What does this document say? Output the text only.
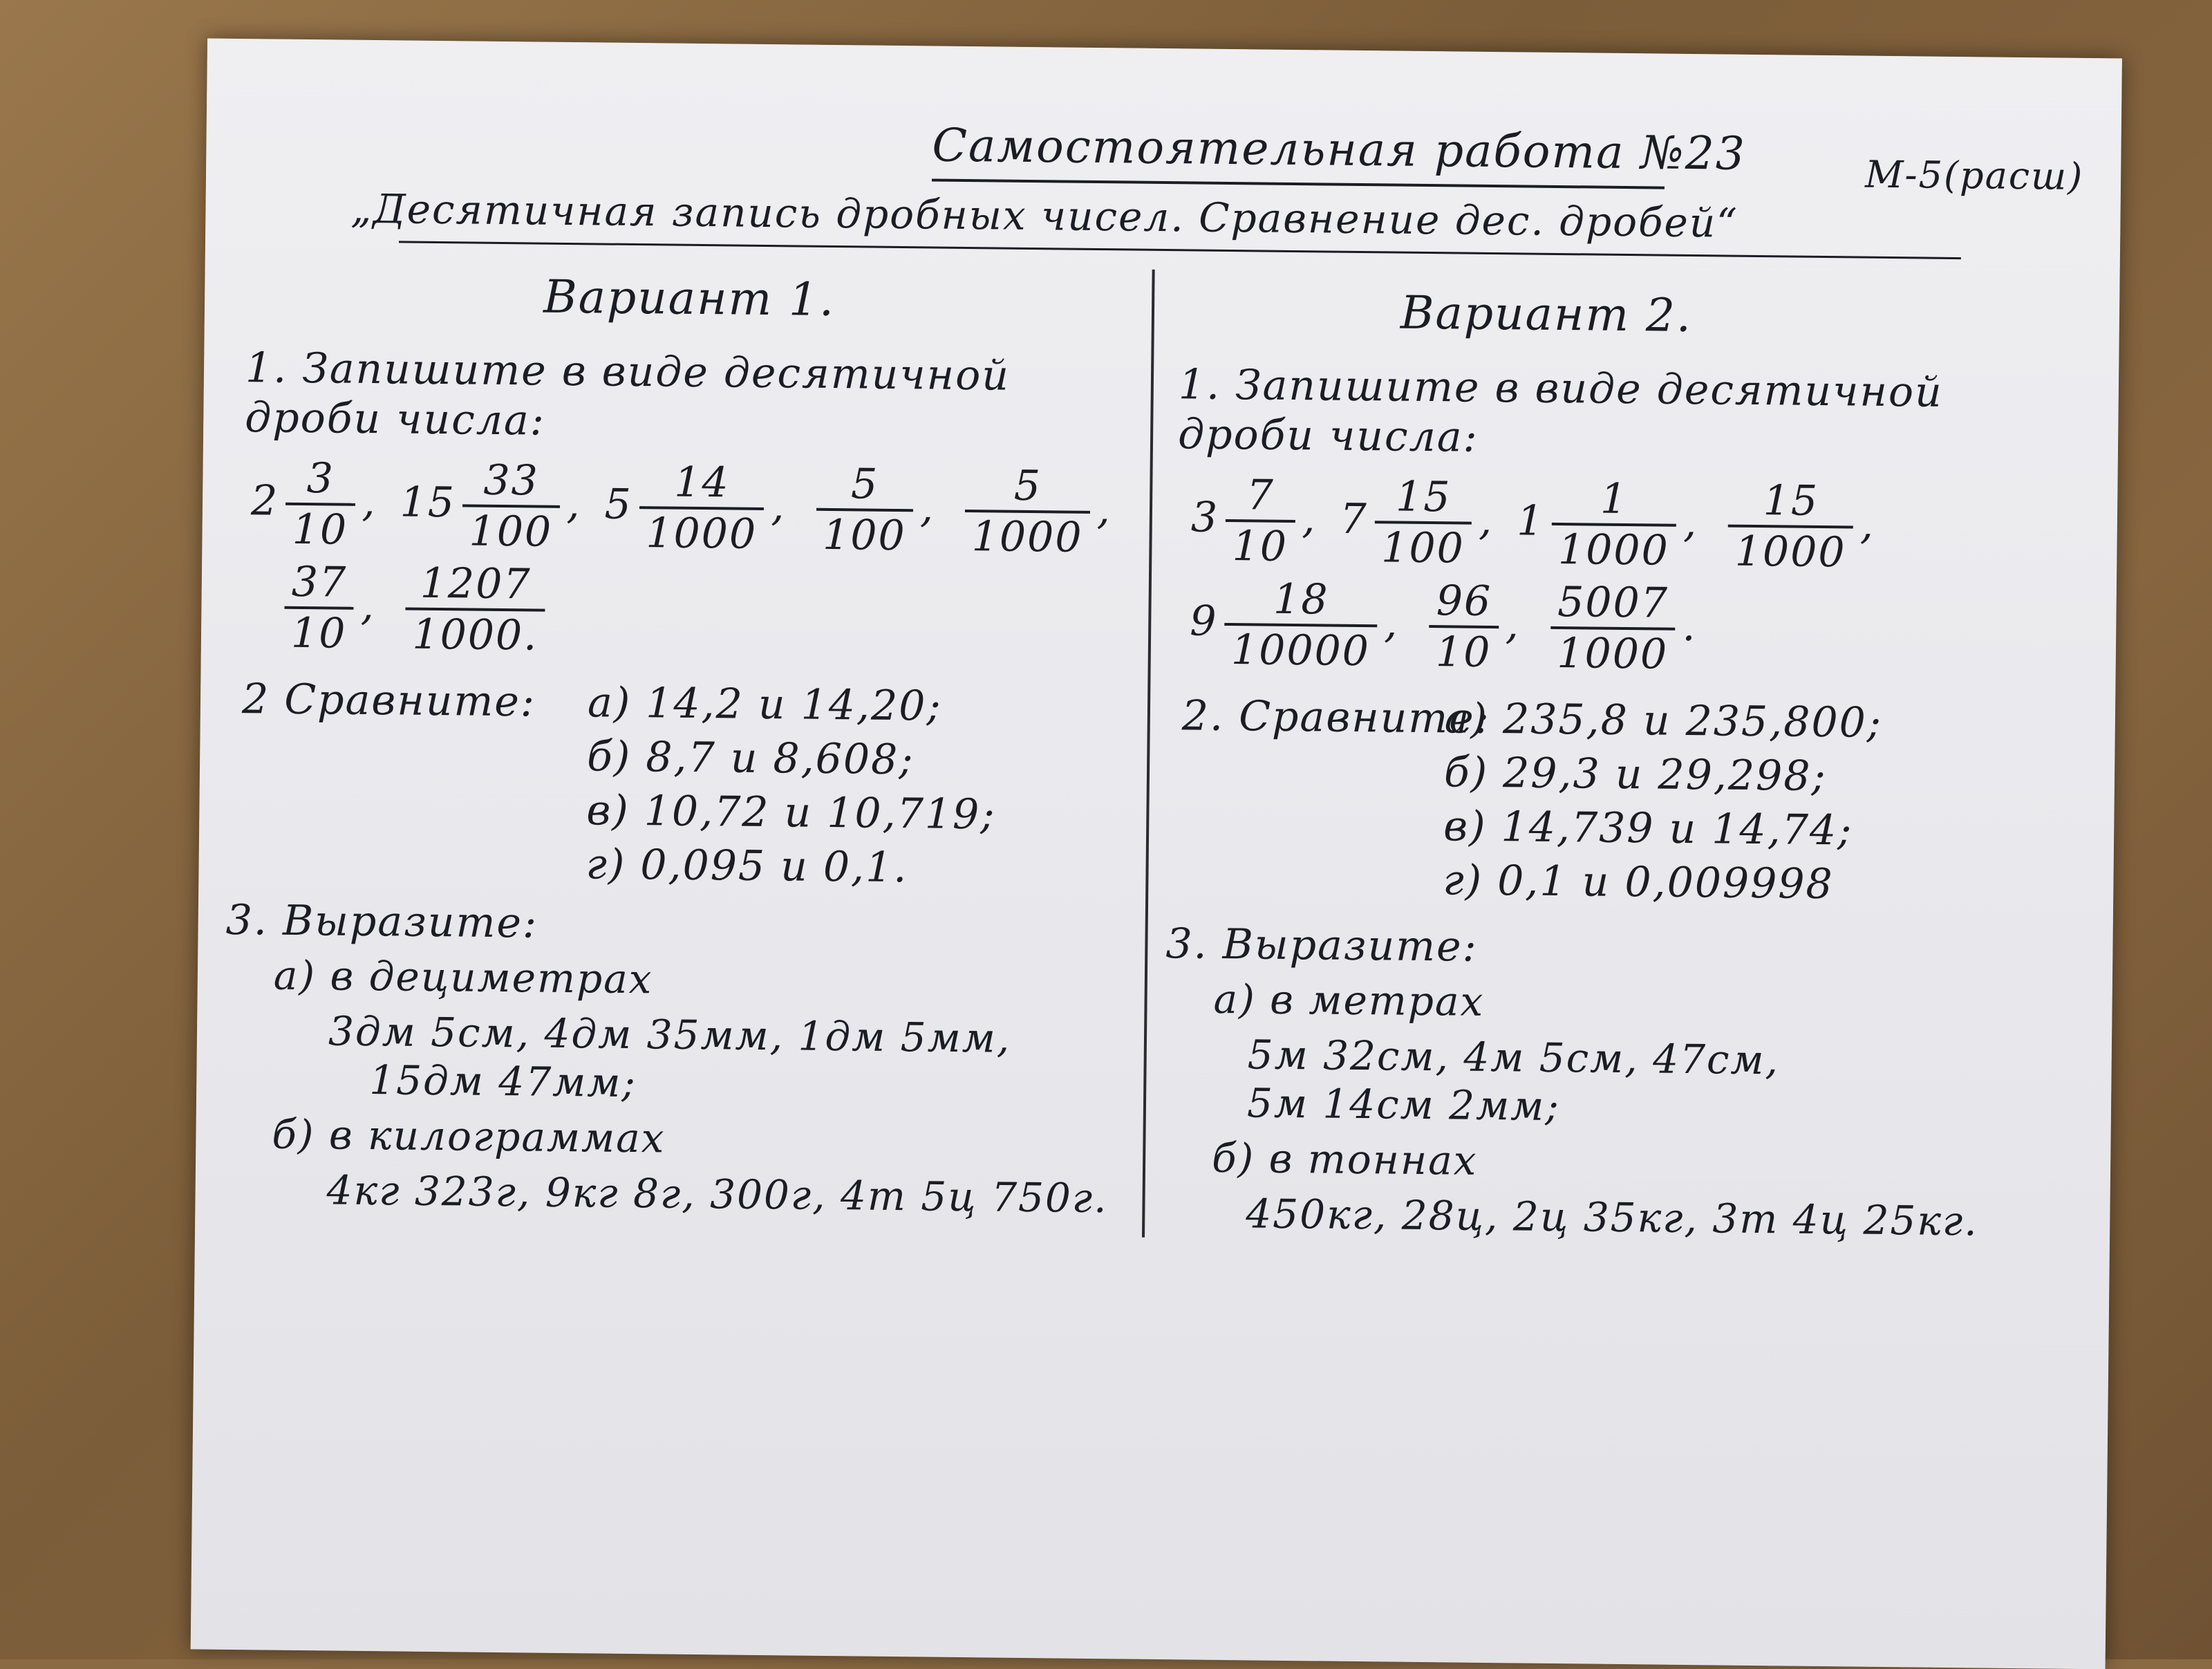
Самостоятельная работа №23
„Десятичная запись дробных чисел. Сравнение дес. дробей“
М-5(расш)
Вариант 1.
1. Запишите в виде десятичной дроби числа:
$2 \frac{3}{10}$ , $15 \frac{33}{100}$ , $5 \frac{14}{1000}$ , $\frac{5}{100}$ , $\frac{5}{1000}$ ,
$\frac{37}{10}$ , $\frac{1207}{1000.}$
2 Сравните: а) 14,2 и 14,20;
б) 8,7 и 8,608;
в) 10,72 и 10,719;
г) 0,095 и 0,1.
3. Выразите:
а) в дециметрах
3дм 5см, 4дм 35мм, 1дм 5мм,
15дм 47мм;
б) в килограммах
4кг 323г, 9кг 8г, 300г, 4т 5ц 750г.
Вариант 2.
1. Запишите в виде десятичной дроби числа:
$3 \frac{7}{10}$ , $7 \frac{15}{100}$ , $1 \frac{1}{1000}$ , $\frac{15}{1000}$ ,
$9 \frac{18}{10000}$ , $\frac{96}{10}$ , $\frac{5007}{1000}$ .
2. Сравните:
а) 235,8 и 235,800;
б) 29,3 и 29,298;
в) 14,739 и 14,74;
г) 0,1 и 0,009998
3. Выразите:
а) в метрах
5м 32см, 4м 5см, 47см,
5м 14см 2мм;
б) в тоннах
450кг, 28ц, 2ц 35кг, 3т 4ц 25кг.
